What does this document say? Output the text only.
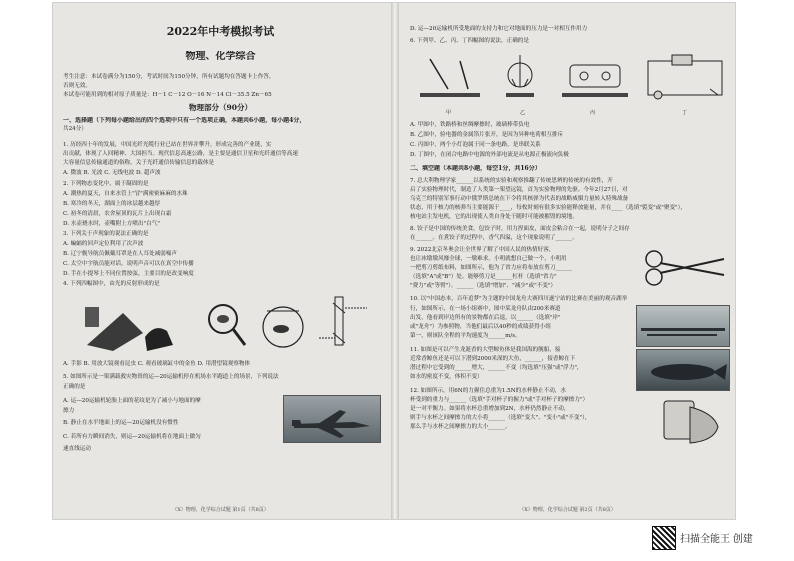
2022年中考模拟考试
物理、化学综合
考生注意：本试卷满分为150分，考试时间为150分钟，所有试题均在答题卡上作答，
否则无效。
本试卷可能用到的相对原子质量是：H－1 C－12 O－16 N－14 Cl－35.5 Zn－65
物理部分（90分）
一、选择题（下列每小题给出的四个选项中只有一个选项正确，本题共6小题，每小题4分，
共24分）
1. 历经四十年的发展，中国光纤光缆行业已站在世界并攀升，形成完善的产业链，实
出贡献，体现了人回精神、大国担当。现代信息高速公路，是主要是通信卫星和光纤通信等高速
大容量信息传输通道的俗称，关于光纤通信传输信息的载体是
A. 微波 B. 光波 C. 无线电波 D. 超声波
2. 下列物态变化中，属于凝固的是
A. 潮热的夏天，自来水管上"冒"满密密麻麻的水珠
B. 寒冷的冬天，湖面上的冰层越来越厚
C. 初冬的清晨，农舍屋顶的瓦片上出现白霜
D. 水壶烧水时，壶嘴附上方喷出"白气"
3. 下列关于声现象的说法正确的是
A. 蝙蝠的回声定位利用了次声波
B. 辽宁舰导航员佩戴耳罩是在人耳处减弱噪声
C. 太空中宇航员能对话，说明声音可以在真空中传播
D. 手在小提琴上不同位置按弦，主要目的是改变响度
4. 下列四幅图中，由光的反射形成的是
A. 手影 B. 用放大镜观看昆虫 C. 观看玻璃缸中的金鱼 D. 用潜望镜观察物体
5. 如图所示是一架满载救灾物资的运—20运输机停在机场水平跑道上的场景，下列说法
正确的是
A. 运—20运输机轮胎上面的花纹是为了减小与地面的摩
擦力
B. 静止在水平地面上的运—20运输机没有惯性
C. 若所有力瞬间消失，则运—20运输机将在地面上做匀
速直线运动
（X）物理、化学综合试题 第1页（共8页）
D. 运—20运输机所受地面的支持力和它对地面的压力是一对相互作用力
6. 下列甲、乙、丙、丁四幅图的说法，正确的是
甲	乙	丙	丁
A. 甲图中，铁路桥和丝绸摩擦时，玻璃棒带负电
B. 乙图中，验电器的金属箔片张开，是因为异种电荷相互排斥
C. 丙图中，两个小灯泡属于同一条电路，是串联关系
D. 丁图中，在闭合电路中电源的外部电流是从电源正极流向负极
二、填空题（本题共8小题，每空1分，共16分）
7. 总大利物理学家______以系统的实验和观察推翻了传统思辨的传统的有效性，开
启了实验物理时代，制造了人类第一架望远镜，首为实验物理的先驱。今年2月27日，对
乌克兰的特别军事行动中俄罗斯总统在下令将其核弹为代表的战略威慑力量转入特殊战备
状态，用于核力的核弹当主要能源于____，每枚时刻有很多实验能释放能量，并在____（选填"裂变"或"聚变"），
核电站主发电机，它的出现使人类自身处于随时可能被摧毁的境地。
8. 饺子是中国的传统美食，包饺子时，用力捏面皮，面皮会粘合在一起，说明分子之间存
在______。在煮饺子的过程中，香气四溢，这个现象说明了______。
9. 2022北京冬奥会让全世界了解了中国人民的热情好客，
也让冰墩墩风靡全球，一墩难求。小明就想自己做一个，小明用
一把剪刀剪纸布料，如图所示，他为了省力应将布放在剪刀______
（选填"A"或"B"）处。能够剪刀是______杠杆（选填"省力"
"费力"或"等臂"）。______（选填"增加"、"减少"或"不变"）
10. 以"中国态本，百年追梦"为主题的中国龙舟大赛四川遂宁站的比赛在美丽的观音湖举
行，如图所示，在一场小组赛中，图中某龙舟队由200米赛道
出发，他看到岸边所有的景物都在后退，以______（选填"岸"
或"龙舟"）为参照物，当他们最后以40秒的成绩获得小组
第一，则该队全程的平均速度为______m/s。
11. 如图是可以产生龙涎香的大型鲸鱼体是我国海的舰船，接
近常香鲸鱼还是可以下潜到2000米深的大鱼，______，接香鲸在下
潜过程中它受到的______增大，______不变（均选填"压强"或"浮力"，
如水的密度不变，体积不变）
12. 如图所示，用6N的力握住总重为1.5N的水杯静止不动，水
杯受到的重力与______（选填"手对杯子的握力"或"手对杯子的摩擦力"）
是一对平衡力。如果将水杯总重增加到2N，水杯仍然静止不动，
则手与水杯之间摩擦力的大小将______（选填"变大"、"变小"或"不变"），
那么手与水杯之间摩擦力的大小______。
（X）物理、化学综合试题 第2页（共8页）
扫描全能王 创建
